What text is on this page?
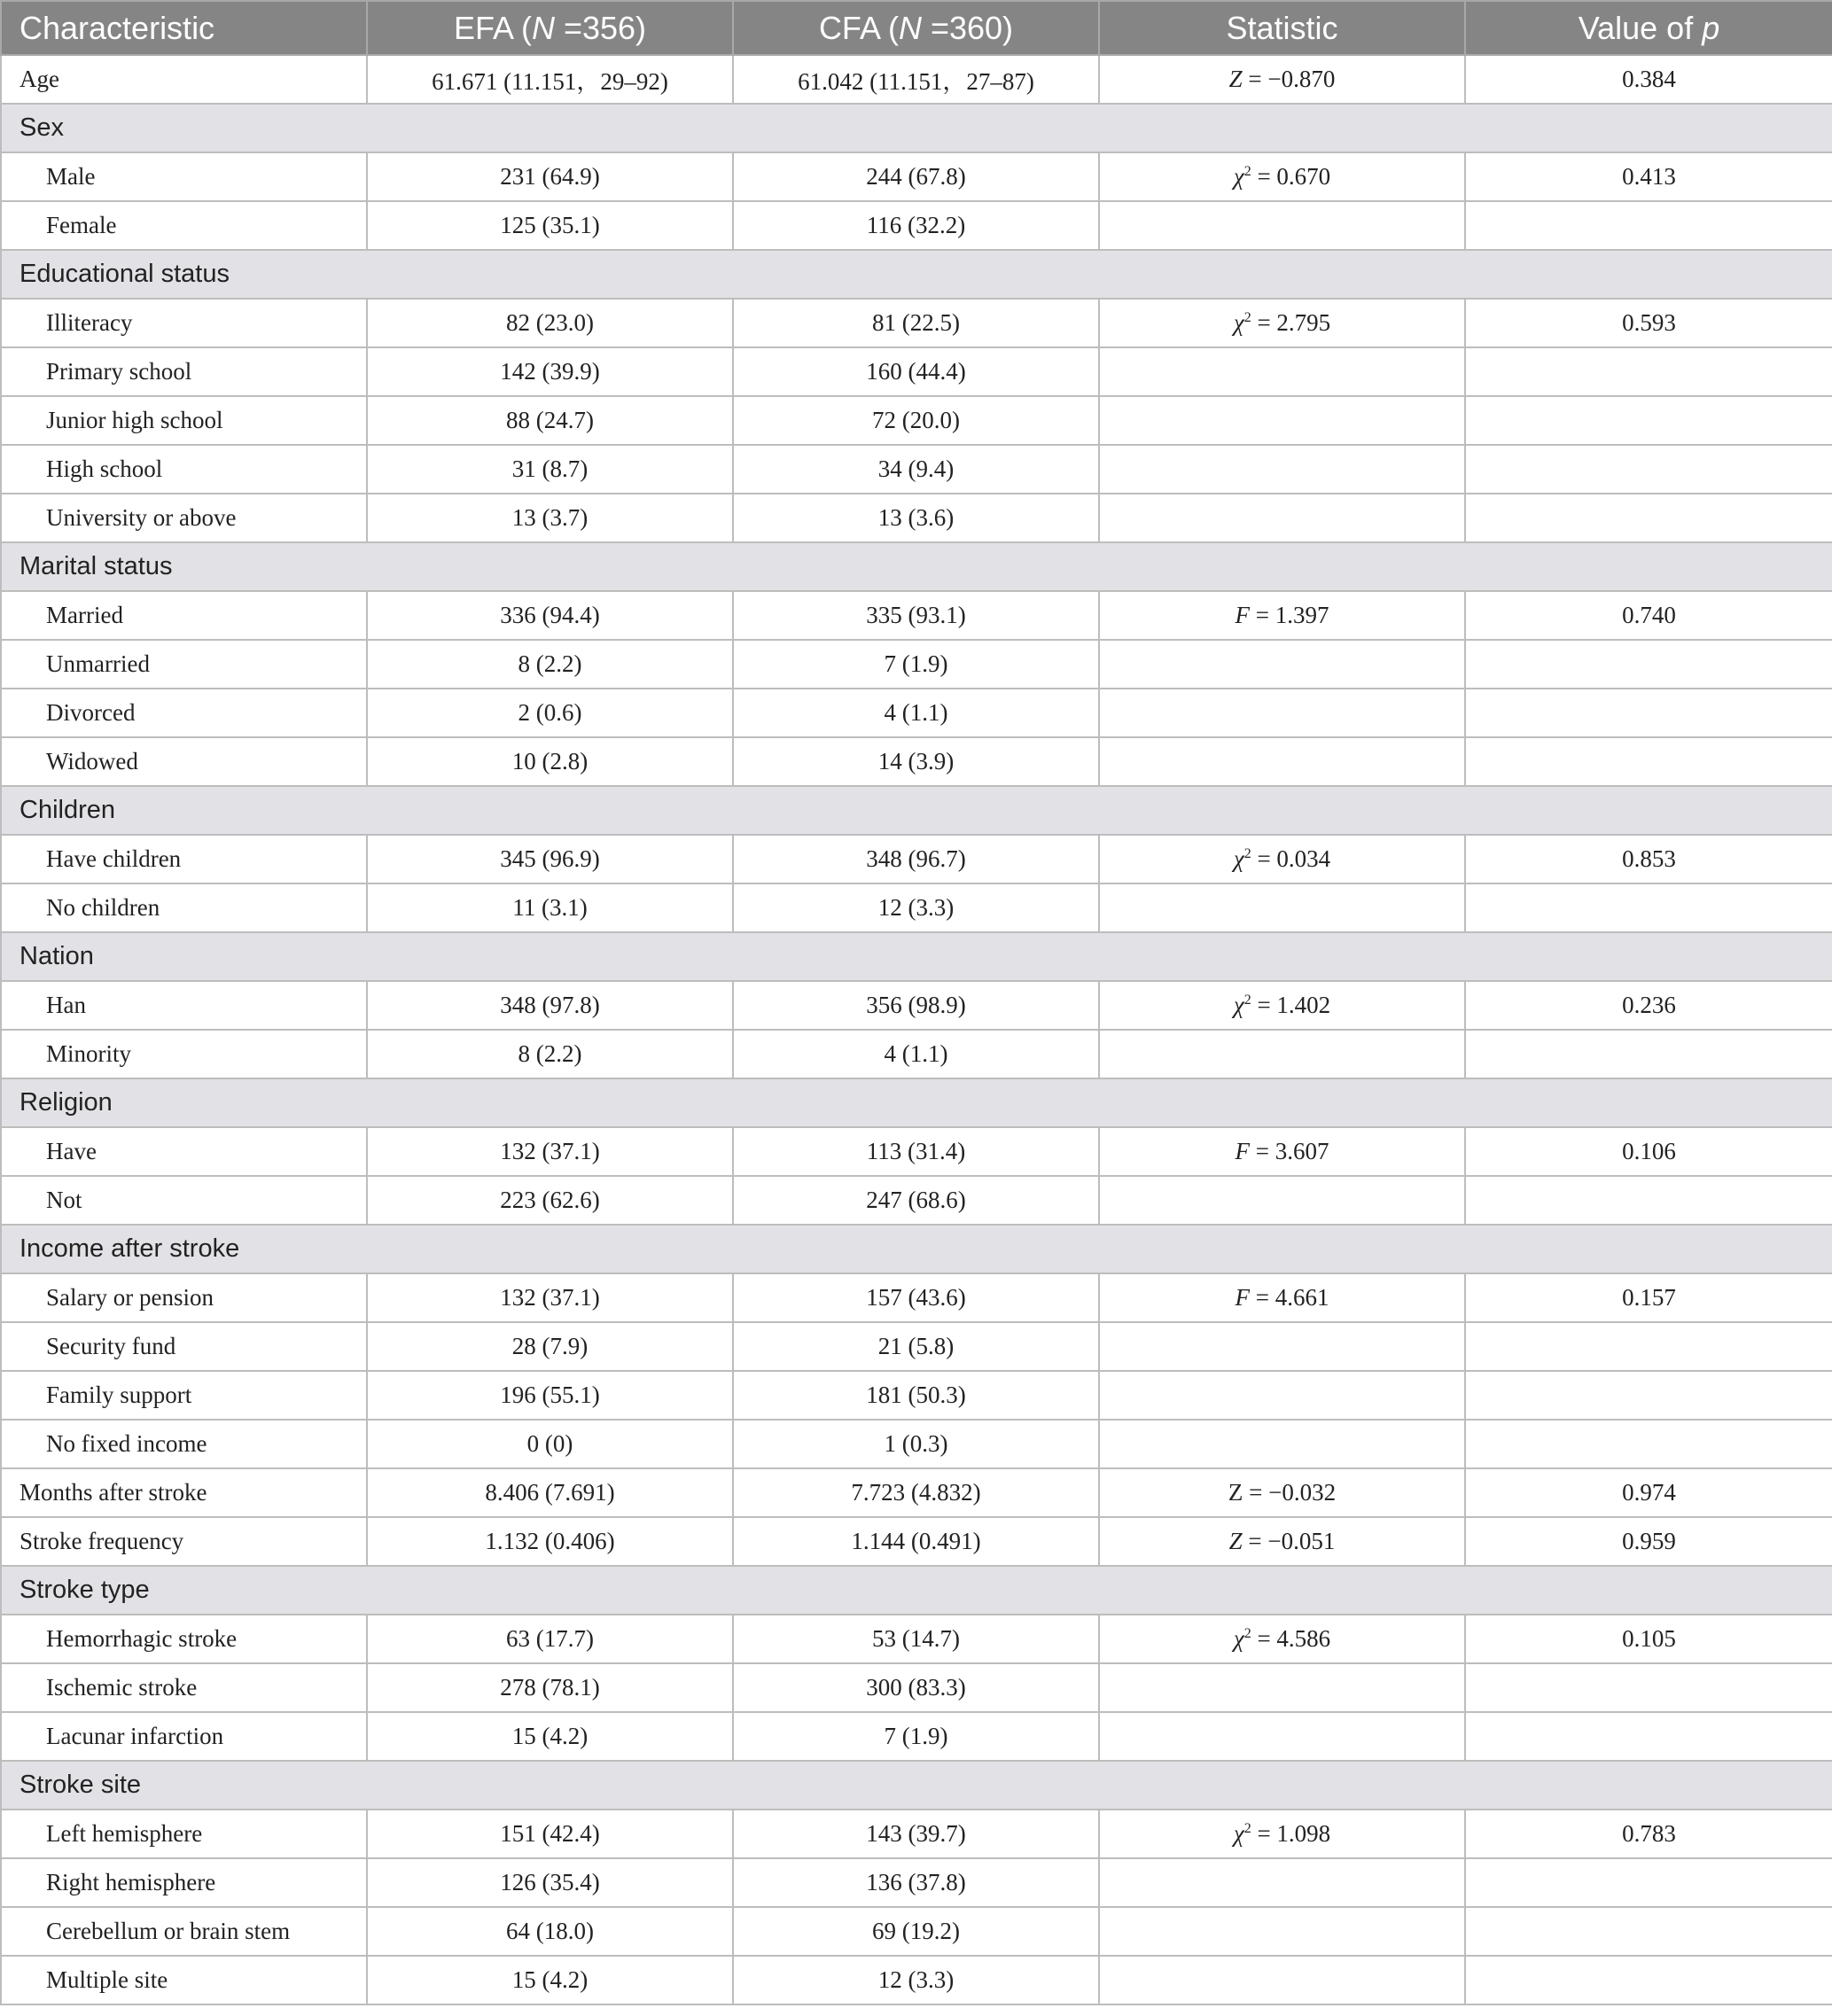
Characteristic	EFA (N =356)	CFA (N =360)	Statistic	Value of p
Age	61.671 (11.151，29–92)	61.042 (11.151，27–87)	Z = −0.870	0.384
Sex				
Male	231 (64.9)	244 (67.8)	$\chi^2 = 0.670$	0.413
Female	125 (35.1)	116 (32.2)		
Educational status				
Illiteracy	82 (23.0)	81 (22.5)	$\chi^2 = 2.795$	0.593
Primary school	142 (39.9)	160 (44.4)		
Junior high school	88 (24.7)	72 (20.0)		
High school	31 (8.7)	34 (9.4)		
University or above	13 (3.7)	13 (3.6)		
Marital status				
Married	336 (94.4)	335 (93.1)	F = 1.397	0.740
Unmarried	8 (2.2)	7 (1.9)		
Divorced	2 (0.6)	4 (1.1)		
Widowed	10 (2.8)	14 (3.9)		
Children				
Have children	345 (96.9)	348 (96.7)	$\chi^2 = 0.034$	0.853
No children	11 (3.1)	12 (3.3)		
Nation				
Han	348 (97.8)	356 (98.9)	$\chi^2 = 1.402$	0.236
Minority	8 (2.2)	4 (1.1)		
Religion				
Have	132 (37.1)	113 (31.4)	F = 3.607	0.106
Not	223 (62.6)	247 (68.6)		
Income after stroke				
Salary or pension	132 (37.1)	157 (43.6)	F = 4.661	0.157
Security fund	28 (7.9)	21 (5.8)		
Family support	196 (55.1)	181 (50.3)		
No fixed income	0 (0)	1 (0.3)		
Months after stroke	8.406 (7.691)	7.723 (4.832)	Z = −0.032	0.974
Stroke frequency	1.132 (0.406)	1.144 (0.491)	Z = −0.051	0.959
Stroke type				
Hemorrhagic stroke	63 (17.7)	53 (14.7)	$\chi^2 = 4.586$	0.105
Ischemic stroke	278 (78.1)	300 (83.3)		
Lacunar infarction	15 (4.2)	7 (1.9)		
Stroke site				
Left hemisphere	151 (42.4)	143 (39.7)	$\chi^2 = 1.098$	0.783
Right hemisphere	126 (35.4)	136 (37.8)		
Cerebellum or brain stem	64 (18.0)	69 (19.2)		
Multiple site	15 (4.2)	12 (3.3)		
